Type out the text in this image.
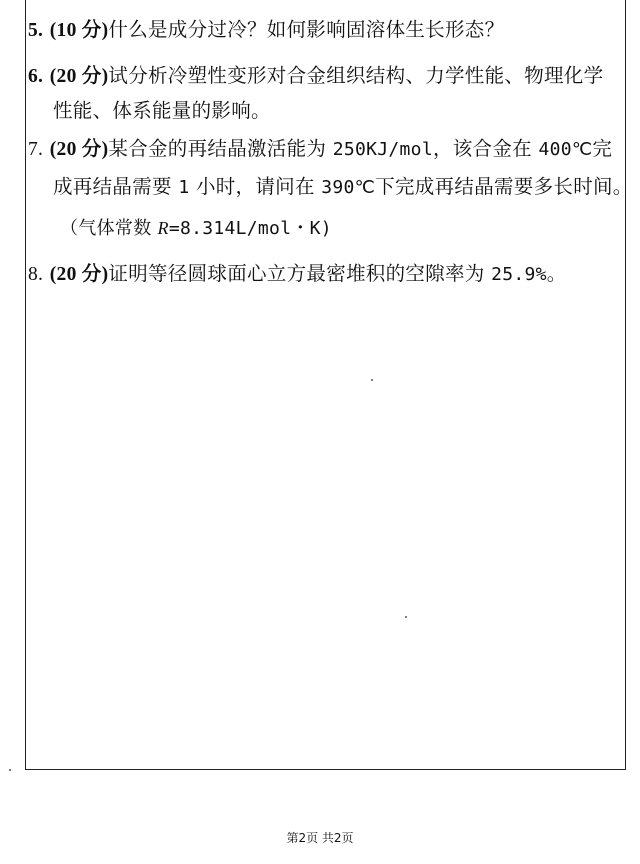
5. (10 分)什么是成分过冷？如何影响固溶体生长形态？
6. (20 分)试分析冷塑性变形对合金组织结构、力学性能、物理化学
性能、体系能量的影响。
7. (20 分)某合金的再结晶激活能为 250KJ/mol，该合金在 400℃完
成再结晶需要 1 小时，请问在 390℃下完成再结晶需要多长时间。
（气体常数 R=8.314L/mol・K)
8. (20 分)证明等径圆球面心立方最密堆积的空隙率为 25.9%。
第2页 共2页
